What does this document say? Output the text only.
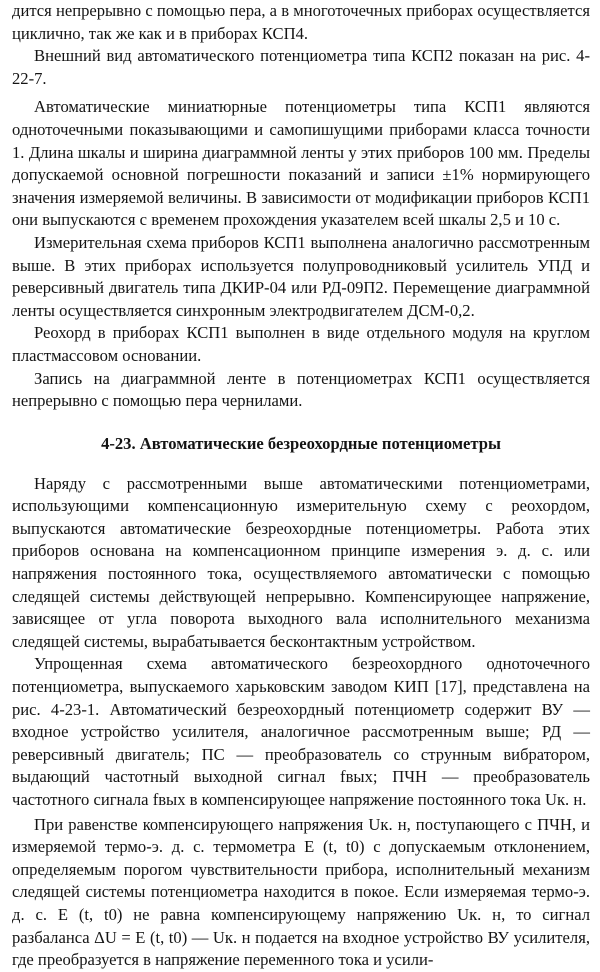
дится непрерывно с помощью пера, а в многоточечных приборах осуществляется циклично, так же как и в приборах КСП4.

Внешний вид автоматического потенциометра типа КСП2 показан на рис. 4-22-7.

Автоматические миниатюрные потенциометры типа КСП1 являются одноточечными показывающими и самопишущими приборами класса точности 1. Длина шкалы и ширина диаграммной ленты у этих приборов 100 мм. Пределы допускаемой основной погрешности показаний и записи ±1% нормирующего значения измеряемой величины. В зависимости от модификации приборов КСП1 они выпускаются с временем прохождения указателем всей шкалы 2,5 и 10 с.

Измерительная схема приборов КСП1 выполнена аналогично рассмотренным выше. В этих приборах используется полупроводниковый усилитель УПД и реверсивный двигатель типа ДКИР-04 или РД-09П2. Перемещение диаграммной ленты осуществляется синхронным электродвигателем ДСМ-0,2.

Реохорд в приборах КСП1 выполнен в виде отдельного модуля на круглом пластмассовом основании.

Запись на диаграммной ленте в потенциометрах КСП1 осуществляется непрерывно с помощью пера чернилами.

4-23. Автоматические безреохордные потенциометры

Наряду с рассмотренными выше автоматическими потенциометрами, использующими компенсационную измерительную схему с реохордом, выпускаются автоматические безреохордные потенциометры. Работа этих приборов основана на компенсационном принципе измерения э. д. с. или напряжения постоянного тока, осуществляемого автоматически с помощью следящей системы действующей непрерывно. Компенсирующее напряжение, зависящее от угла поворота выходного вала исполнительного механизма следящей системы, вырабатывается бесконтактным устройством.

Упрощенная схема автоматического безреохордного одноточечного потенциометра, выпускаемого харьковским заводом КИП [17], представлена на рис. 4-23-1. Автоматический безреохордный потенциометр содержит ВУ — входное устройство усилителя, аналогичное рассмотренным выше; РД — реверсивный двигатель; ПС — преобразователь со струнным вибратором, выдающий частотный выходной сигнал fвых; ПЧН — преобразователь частотного сигнала fвых в компенсирующее напряжение постоянного тока Uк. н.

При равенстве компенсирующего напряжения Uк. н, поступающего с ПЧН, и измеряемой термо-э. д. с. термометра E (t, t0) с допускаемым отклонением, определяемым порогом чувствительности прибора, исполнительный механизм следящей системы потенциометра находится в покое. Если измеряемая термо-э. д. с. E (t, t0) не равна компенсирующему напряжению Uк. н, то сигнал разбаланса ΔU = E (t, t0) — Uк. н подается на входное устройство ВУ усилителя, где преобразуется в напряжение переменного тока и усили-
